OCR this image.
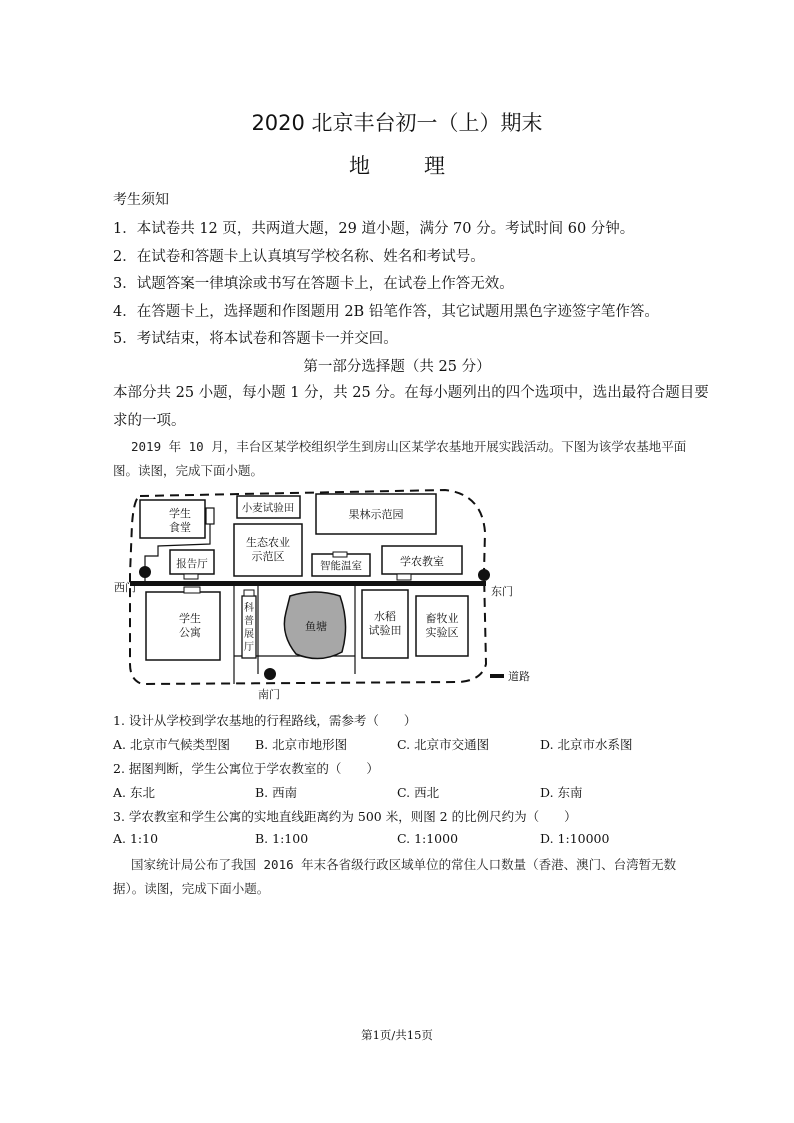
2020 北京丰台初一（上）期末
地	理
考生须知
1．本试卷共 12 页，共两道大题，29 道小题，满分 70 分。考试时间 60 分钟。
2．在试卷和答题卡上认真填写学校名称、姓名和考试号。
3．试题答案一律填涂或书写在答题卡上，在试卷上作答无效。
4．在答题卡上，选择题和作图题用 2B 铅笔作答，其它试题用黑色字迹签字笔作答。
5．考试结束，将本试卷和答题卡一并交回。
第一部分选择题（共 25 分）
本部分共 25 小题，每小题 1 分，共 25 分。在每小题列出的四个选项中，选出最符合题目要
求的一项。
2019 年 10 月，丰台区某学校组织学生到房山区某学农基地开展实践活动。下图为该学农基地平面
图。读图，完成下面小题。
学生
食堂
小麦试验田	果林示范园
生态农业
示范区
报告厅	智能温室	学农教室
学生
公寓
科
普
展
厅
鱼塘
水稻
试验田
畜牧业
实验区
西门	东门
南门
道路
1. 设计从学校到学农基地的行程路线，需参考（　　）
A. 北京市气候类型图 B. 北京市地形图	C. 北京市交通图	D. 北京市水系图
2. 据图判断，学生公寓位于学农教室的（　　）
A. 东北	B. 西南	C. 西北	D. 东南
3. 学农教室和学生公寓的实地直线距离约为 500 米，则图 2 的比例尺约为（　　）
A. 1:10	B. 1:100	C. 1:1000	D. 1:10000
国家统计局公布了我国 2016 年末各省级行政区域单位的常住人口数量（香港、澳门、台湾暂无数
据）。读图，完成下面小题。
第1页/共15页
